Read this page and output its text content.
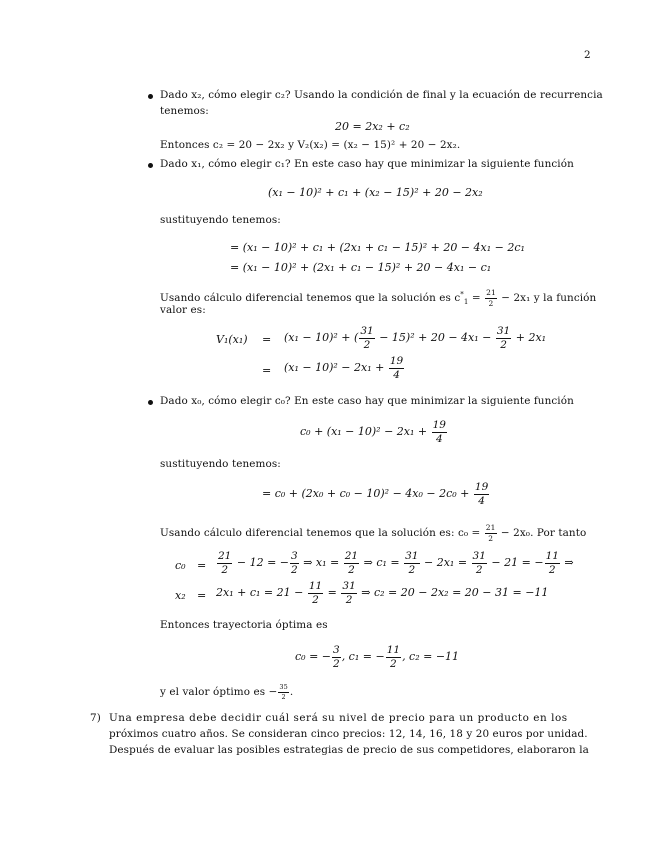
2
Dado x₂, cómo elegir c₂? Usando la condición de final y la ecuación de recurrencia
tenemos:
20 = 2x₂ + c₂
Entonces c₂ = 20 − 2x₂ y V₂(x₂) = (x₂ − 15)² + 20 − 2x₂.
Dado x₁, cómo elegir c₁? En este caso hay que minimizar la siguiente función
(x₁ − 10)² + c₁ + (x₂ − 15)² + 20 − 2x₂
sustituyendo tenemos:
= (x₁ − 10)² + c₁ + (2x₁ + c₁ − 15)² + 20 − 4x₁ − 2c₁
= (x₁ − 10)² + (2x₁ + c₁ − 15)² + 20 − 4x₁ − c₁
Usando cálculo diferencial tenemos que la solución es $c^*_1 = \frac{21}{2} - 2x_1$ y la función
valor es:
V₁(x₁) = (x₁ − 10)² + ( $\frac{31}{2} - 15)^2 + 20 - 4x_1 - \frac{31}{2} + 2x_1$
= $(x_1 - 10)^2 - 2x_1 + \frac{19}{4}$
Dado x₀, cómo elegir c₀? En este caso hay que minimizar la siguiente función
$c_0 + (x_1 - 10)^2 - 2x_1 + \frac{19}{4}$
sustituyendo tenemos:
= $c_0 + (2x_0 + c_0 - 10)^2 - 4x_0 - 2c_0 + \frac{19}{4}$
Usando cálculo diferencial tenemos que la solución es: $c_0 = \frac{21}{2} - 2x_0$. Por tanto
$c_0 = \frac{21}{2} - 12$ = − $\frac{3}{2}$ ⇒ $x_1 = \frac{21}{2}$ ⇒ $c_1 = \frac{31}{2} - 2x_1 = \frac{31}{2} - 21$ = − $\frac{11}{2}$ ⇒
$x_2 = 2x_1 + c_1 = 21 - \frac{11}{2} = \frac{31}{2}$ ⇒ c₂ = 20 − 2x₂ = 20 − 31 = −11
Entonces trayectoria óptima es
c₀ = − $\frac{3}{2}$ , c₁ = − $\frac{11}{2}$ , c₂ = −11
y el valor óptimo es − $\frac{35}{2}$ .
7) Una empresa debe decidir cuál será su nivel de precio para un producto en los
próximos cuatro años. Se consideran cinco precios: 12, 14, 16, 18 y 20 euros por unidad.
Después de evaluar las posibles estrategias de precio de sus competidores, elaboraron la
